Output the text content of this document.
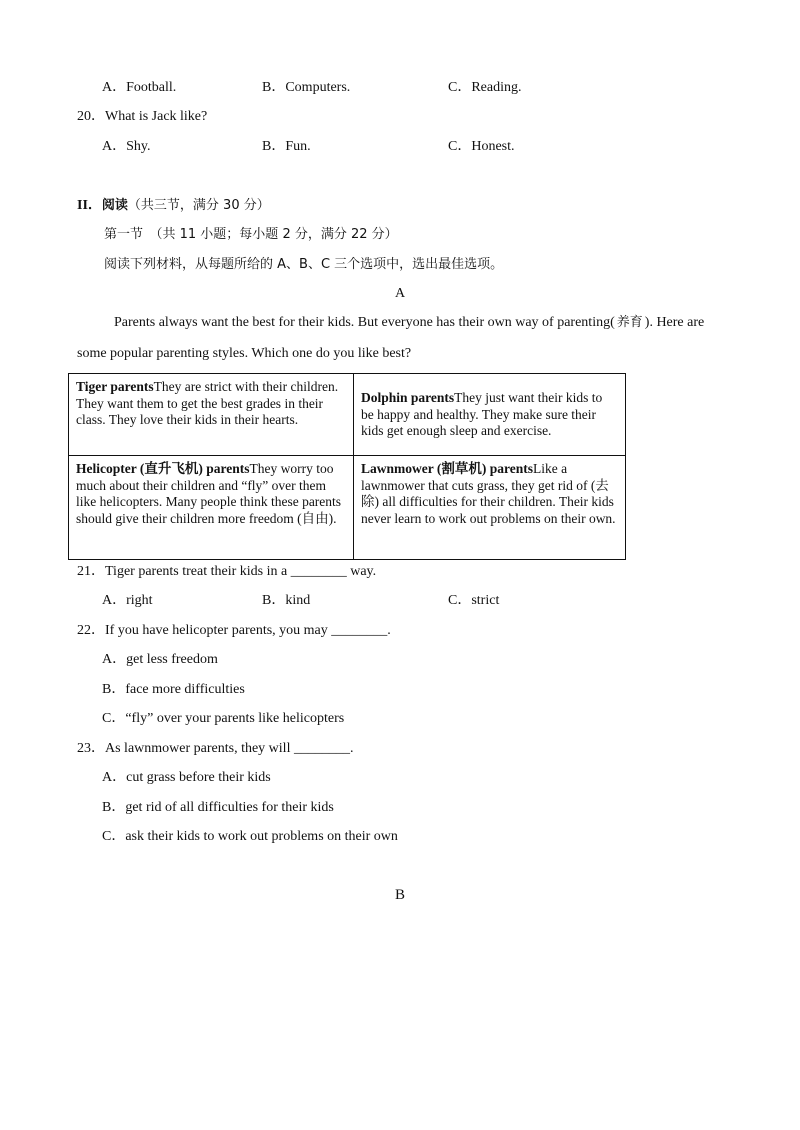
A．Football.	B．Computers.	C．Reading.
20．What is Jack like?
A．Shy.	B．Fun.	C．Honest.
II．阅读（共三节，满分 30 分）
第一节　（共 11 小题；每小题 2 分，满分 22 分）
阅读下列材料，从每题所给的 A、B、C 三个选项中，选出最佳选项。
A
Parents always want the best for their kids. But everyone has their own way of parenting( 养育 ). Here are
some popular parenting styles. Which one do you like best?
Tiger parentsThey are strict with their children. They want them to get the best grades in their class. They love their kids in their hearts.	Dolphin parentsThey just want their kids to be happy and healthy. They make sure their kids get enough sleep and exercise.
Helicopter (直升飞机) parentsThey worry too much about their children and “fly” over them like helicopters. Many people think these parents should give their children more freedom (自由).	Lawnmower (割草机) parentsLike a lawnmower that cuts grass, they get rid of (去除) all difficulties for their children. Their kids never learn to work out problems on their own.
21．Tiger parents treat their kids in a ________ way.
A．right	B．kind	C．strict
22．If you have helicopter parents, you may ________.
A．get less freedom
B．face more difficulties
C．“fly” over your parents like helicopters
23．As lawnmower parents, they will ________.
A．cut grass before their kids
B．get rid of all difficulties for their kids
C．ask their kids to work out problems on their own
B
